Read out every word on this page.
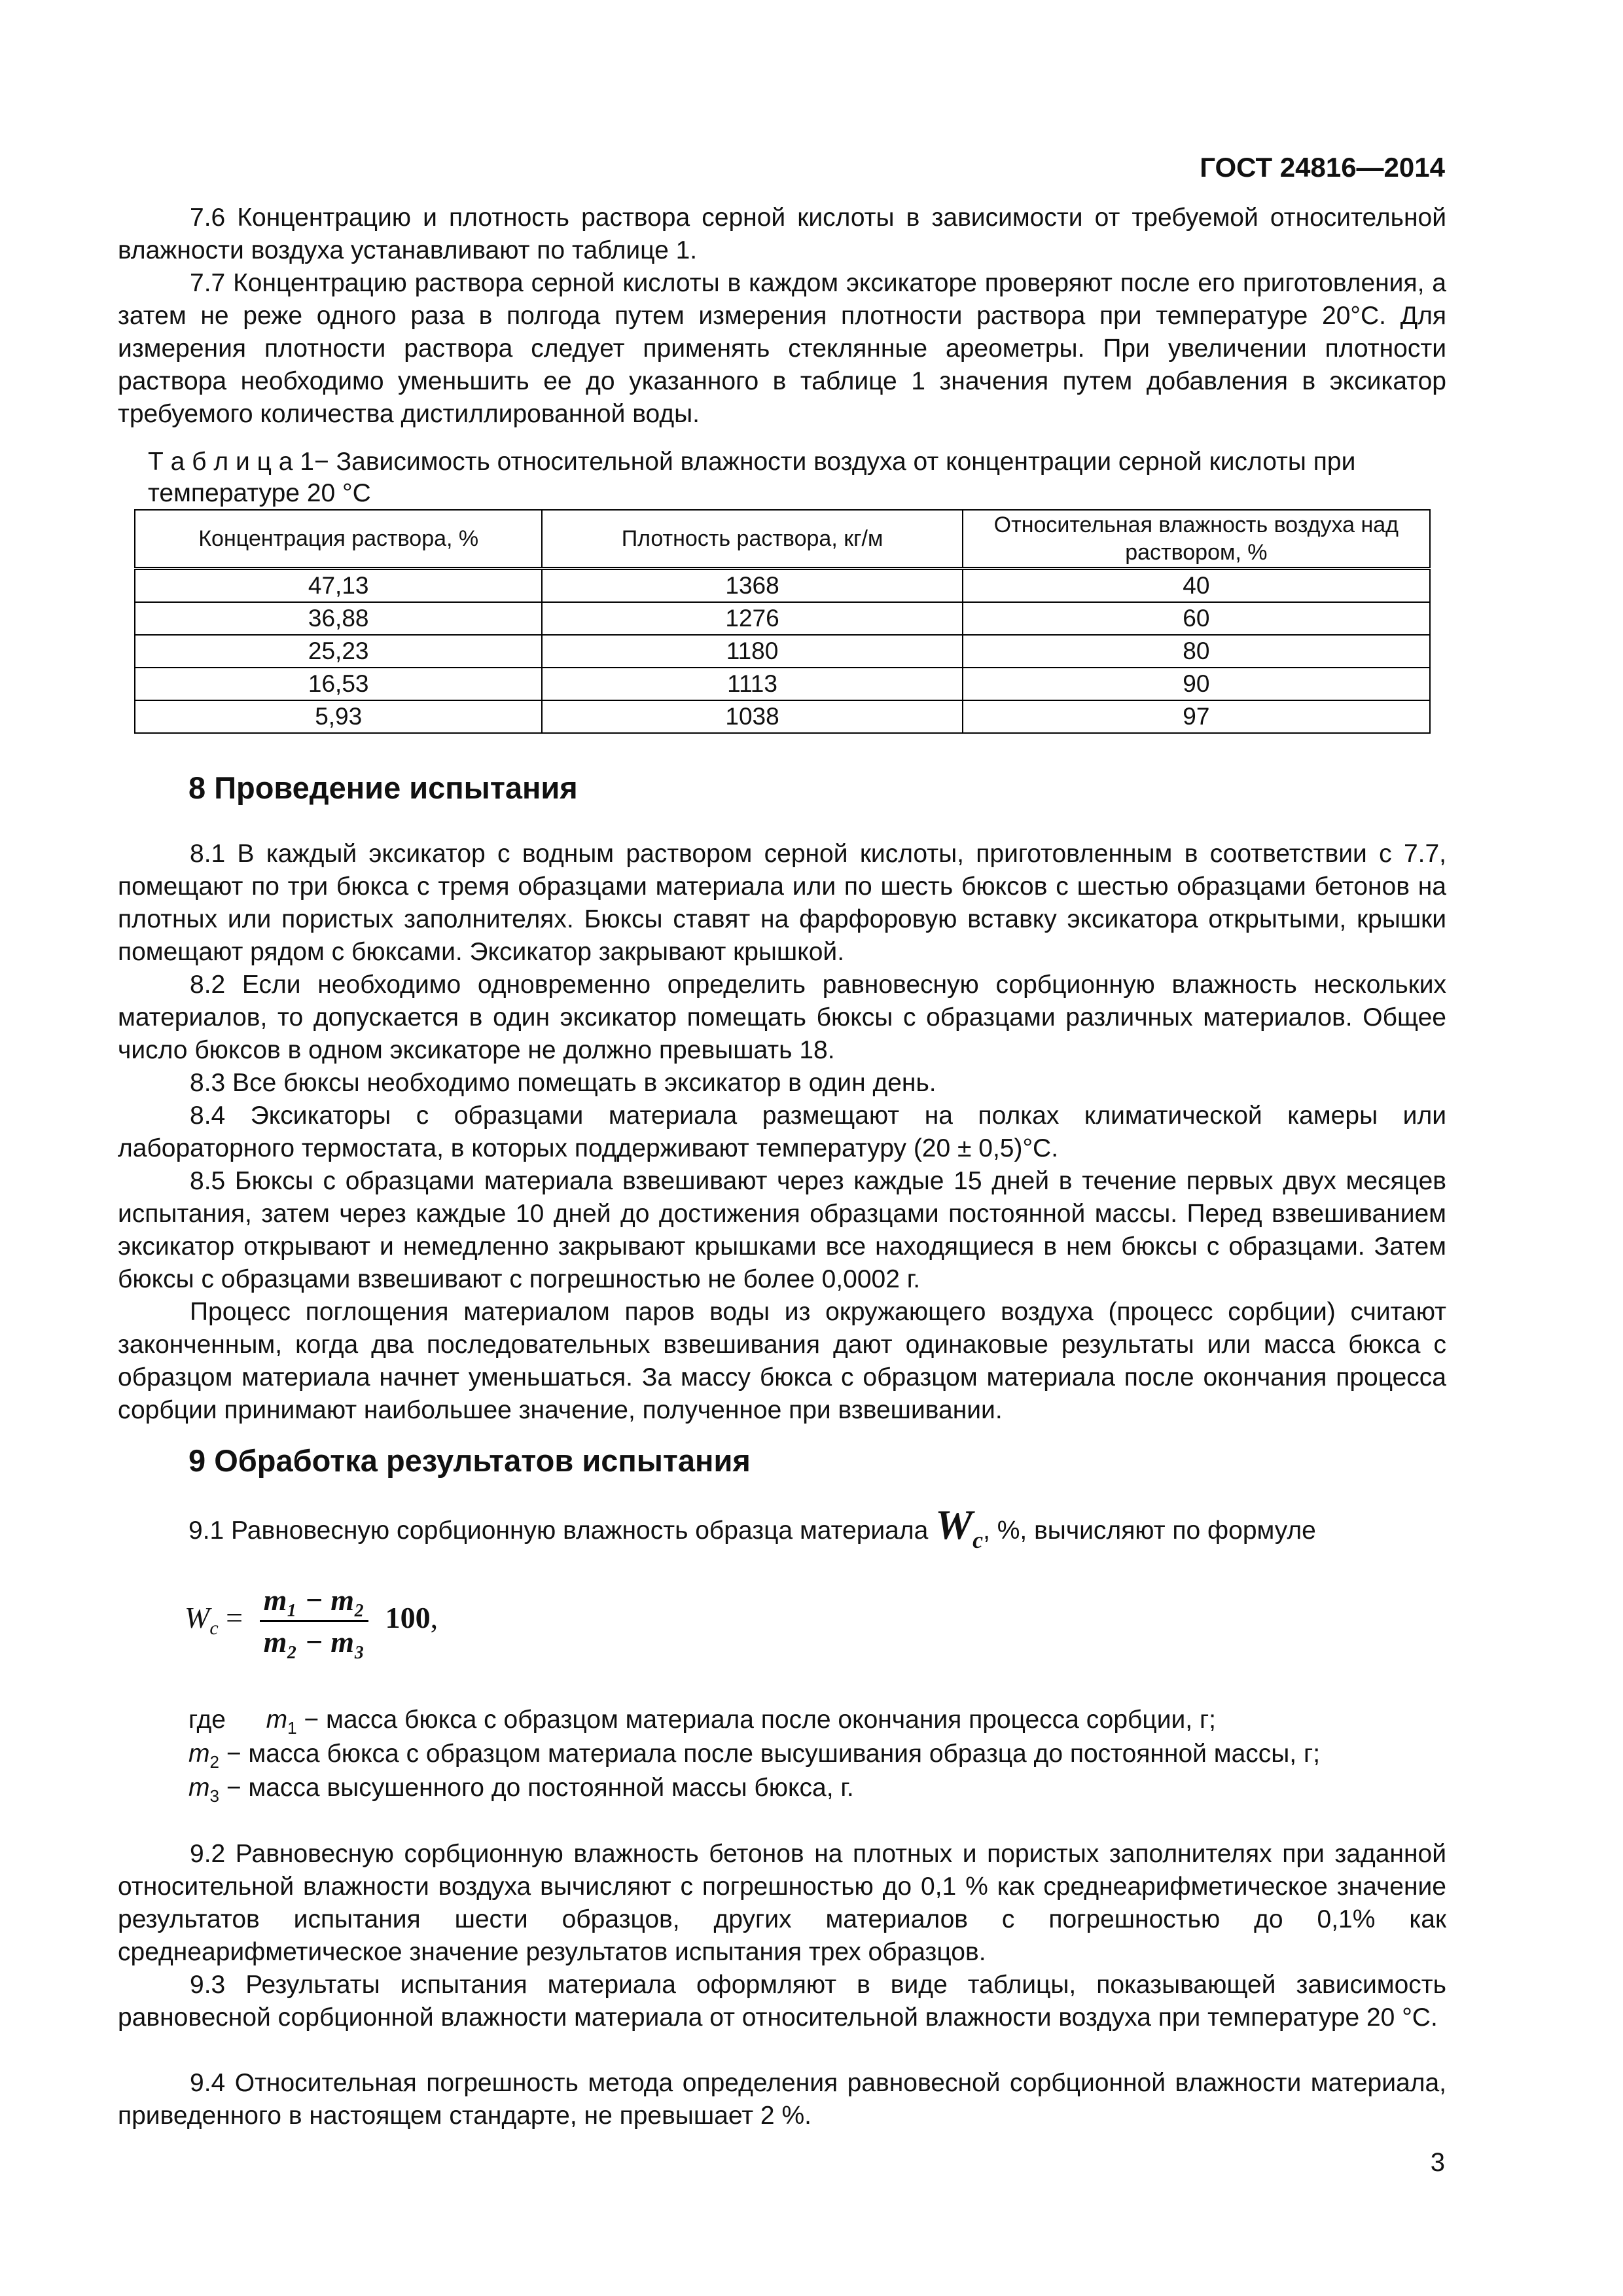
ГОСТ 24816—2014

7.6 Концентрацию и плотность раствора серной кислоты в зависимости от требуемой относительной влажности воздуха устанавливают по таблице 1.

7.7 Концентрацию раствора серной кислоты в каждом эксикаторе проверяют после его приготовления, а затем не реже одного раза в полгода путем измерения плотности раствора при температуре 20°С. Для измерения плотности раствора следует применять стеклянные ареометры. При увеличении плотности раствора необходимо уменьшить ее до указанного в таблице 1 значения путем добавления в эксикатор требуемого количества дистиллированной воды.

Т а б л и ц а 1− Зависимость относительной влажности воздуха от концентрации серной кислоты при температуре 20 °С
Концентрация раствора, %	Плотность раствора, кг/м	Относительная влажность воздуха над раствором, %
47,13	1368	40
36,88	1276	60
25,23	1180	80
16,53	1113	90
5,93	1038	97
8 Проведение испытания

8.1 В каждый эксикатор с водным раствором серной кислоты, приготовленным в соответствии с 7.7, помещают по три бюкса с тремя образцами материала или по шесть бюксов с шестью образцами бетонов на плотных или пористых заполнителях. Бюксы ставят на фарфоровую вставку эксикатора открытыми, крышки помещают рядом с бюксами. Эксикатор закрывают крышкой.

8.2 Если необходимо одновременно определить равновесную сорбционную влажность нескольких материалов, то допускается в один эксикатор помещать бюксы с образцами различных материалов. Общее число бюксов в одном эксикаторе не должно превышать 18.

8.3 Все бюксы необходимо помещать в эксикатор в один день.

8.4 Эксикаторы с образцами материала размещают на полках климатической камеры или лабораторного термостата, в которых поддерживают температуру (20 ± 0,5)°С.

8.5 Бюксы с образцами материала взвешивают через каждые 15 дней в течение первых двух месяцев испытания, затем через каждые 10 дней до достижения образцами постоянной массы. Перед взвешиванием эксикатор открывают и немедленно закрывают крышками все находящиеся в нем бюксы с образцами. Затем бюксы с образцами взвешивают с погрешностью не более 0,0002 г.

Процесс поглощения материалом паров воды из окружающего воздуха (процесс сорбции) считают законченным, когда два последовательных взвешивания дают одинаковые результаты или масса бюкса с образцом материала начнет уменьшаться. За массу бюкса с образцом материала после окончания процесса сорбции принимают наибольшее значение, полученное при взвешивании.

9 Обработка результатов испытания
9.1 Равновесную сорбционную влажность образца материала $W_c$, %, вычисляют по формуле
$W_c = \frac{\text{m₁ − m₂}}{\text{m₂ − m₃}} 100$,
где $m_1$ − масса бюкса с образцом материала после окончания процесса сорбции, г;
$m_2$ − масса бюкса с образцом материала после высушивания образца до постоянной массы, г;
$m_3$ − масса высушенного до постоянной массы бюкса, г.

9.2 Равновесную сорбционную влажность бетонов на плотных и пористых заполнителях при заданной относительной влажности воздуха вычисляют с погрешностью до 0,1 % как среднеарифметическое значение результатов испытания шести образцов, других материалов с погрешностью до 0,1% как среднеарифметическое значение результатов испытания трех образцов.

9.3 Результаты испытания материала оформляют в виде таблицы, показывающей зависимость равновесной сорбционной влажности материала от относительной влажности воздуха при температуре 20 °С.

9.4 Относительная погрешность метода определения равновесной сорбционной влажности материала, приведенного в настоящем стандарте, не превышает 2 %.

3
